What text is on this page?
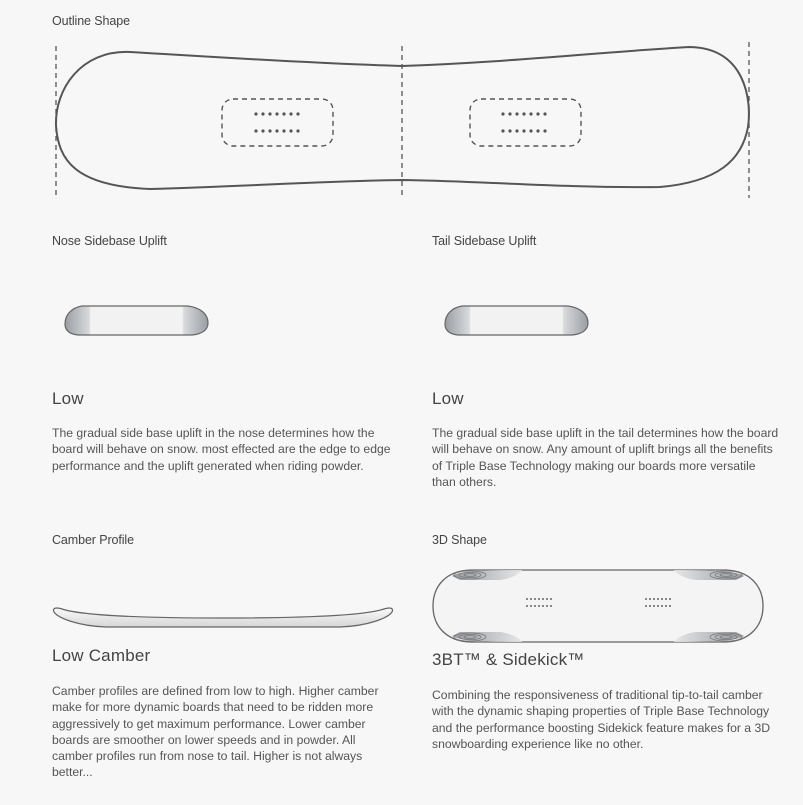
Outline Shape
Nose Sidebase Uplift
Low

The gradual side base uplift in the nose determines how the board will behave on snow. most effected are the edge to edge performance and the uplift generated when riding powder.

Tail Sidebase Uplift
Low

The gradual side base uplift in the tail determines how the board will behave on snow. Any amount of uplift brings all the benefits of Triple Base Technology making our boards more versatile than others.

Camber Profile
Low Camber

Camber profiles are defined from low to high. Higher camber make for more dynamic boards that need to be ridden more aggressively to get maximum performance. Lower camber boards are smoother on lower speeds and in powder. All camber profiles run from nose to tail. Higher is not always better...

3D Shape
3BT™ & Sidekick™

Combining the responsiveness of traditional tip-to-tail camber with the dynamic shaping properties of Triple Base Technology and the performance boosting Sidekick feature makes for a 3D snowboarding experience like no other.
